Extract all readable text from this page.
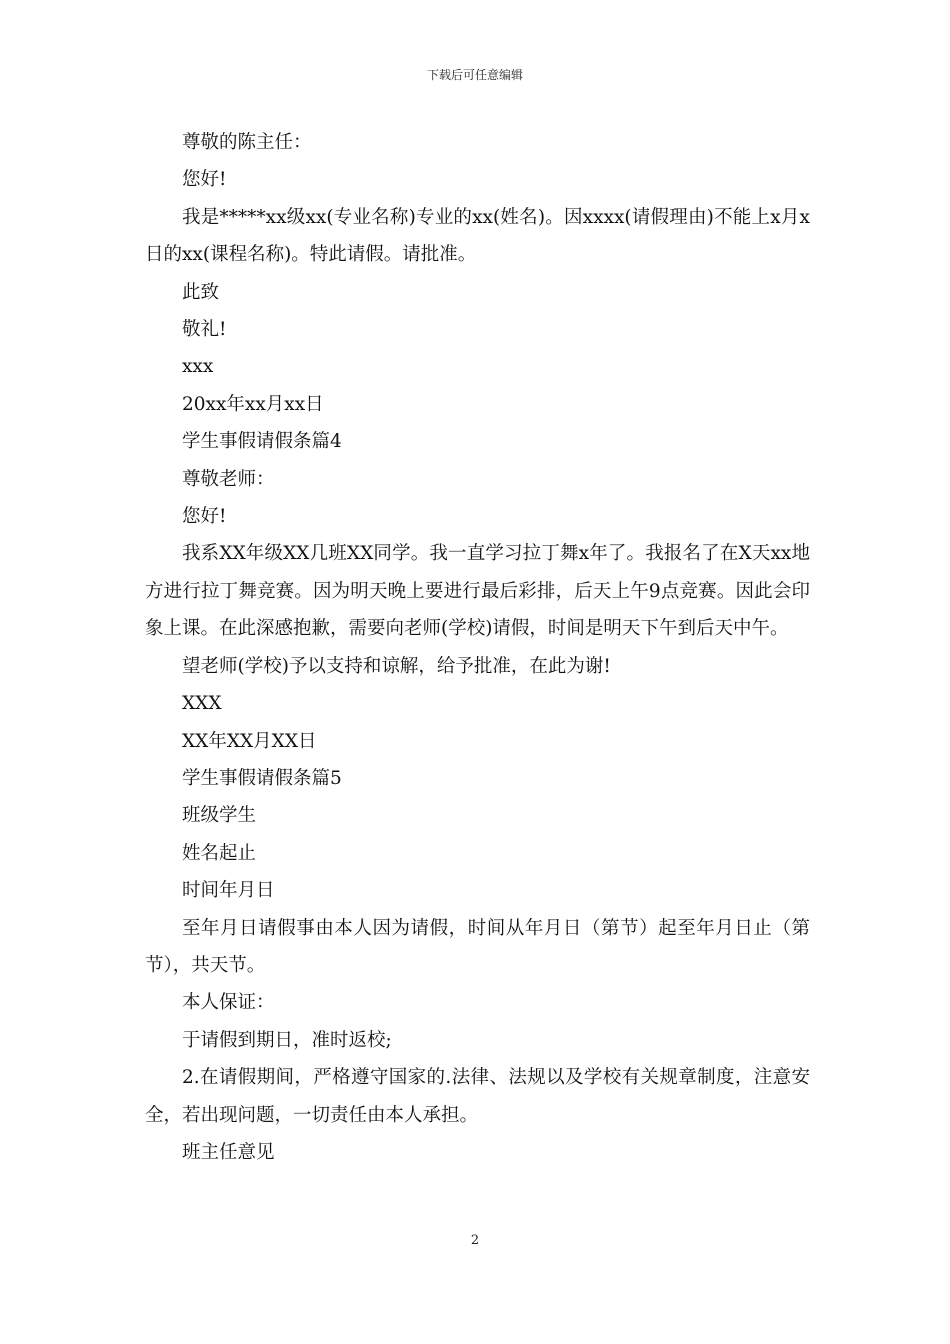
下载后可任意编辑

尊敬的陈主任：

您好!

我是*****xx级xx(专业名称)专业的xx(姓名)。因xxxx(请假理由)不能上x月x日的xx(课程名称)。特此请假。请批准。

此致

敬礼!

xxx

20xx年xx月xx日

学生事假请假条篇4

尊敬老师：

您好!

我系XX年级XX几班XX同学。我一直学习拉丁舞x年了。我报名了在X天xx地方进行拉丁舞竞赛。因为明天晚上要进行最后彩排，后天上午9点竞赛。因此会印象上课。在此深感抱歉，需要向老师(学校)请假，时间是明天下午到后天中午。

望老师(学校)予以支持和谅解，给予批准，在此为谢!

XXX

XX年XX月XX日

学生事假请假条篇5

班级学生

姓名起止

时间年月日

至年月日请假事由本人因为请假，时间从年月日（第节）起至年月日止（第节），共天节。

本人保证：

于请假到期日，准时返校;

2.在请假期间，严格遵守国家的.法律、法规以及学校有关规章制度，注意安全，若出现问题，一切责任由本人承担。

班主任意见

2
